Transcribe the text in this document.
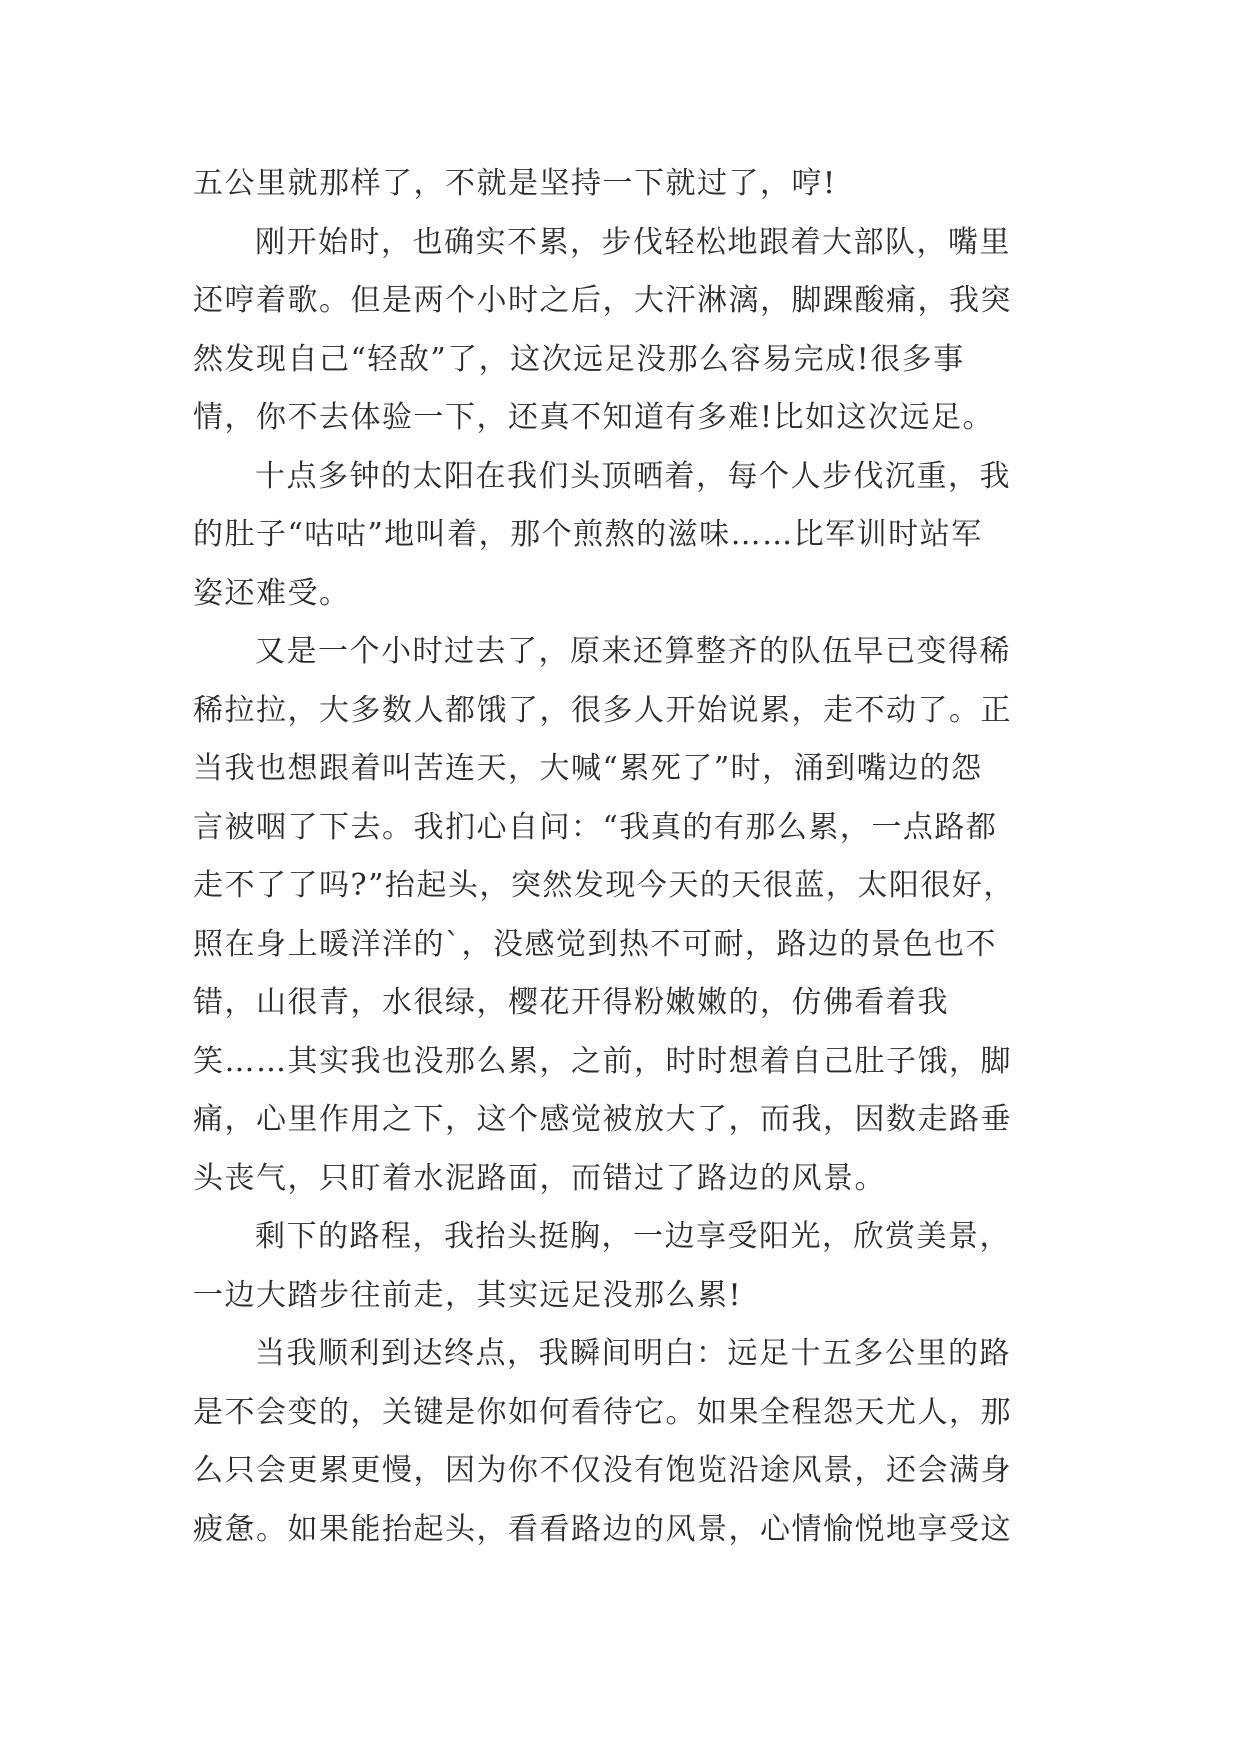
五公里就那样了，不就是坚持一下就过了，哼!
刚开始时，也确实不累，步伐轻松地跟着大部队，嘴里
还哼着歌。但是两个小时之后，大汗淋漓，脚踝酸痛，我突
然发现自己“轻敌”了，这次远足没那么容易完成!很多事
情，你不去体验一下，还真不知道有多难!比如这次远足。
十点多钟的太阳在我们头顶晒着，每个人步伐沉重，我
的肚子“咕咕”地叫着，那个煎熬的滋味……比军训时站军
姿还难受。
又是一个小时过去了，原来还算整齐的队伍早已变得稀
稀拉拉，大多数人都饿了，很多人开始说累，走不动了。正
当我也想跟着叫苦连天，大喊“累死了”时，涌到嘴边的怨
言被咽了下去。我扪心自问：“我真的有那么累，一点路都
走不了了吗?”抬起头，突然发现今天的天很蓝，太阳很好，
照在身上暖洋洋的`，没感觉到热不可耐，路边的景色也不
错，山很青，水很绿，樱花开得粉嫩嫩的，仿佛看着我
笑……其实我也没那么累，之前，时时想着自己肚子饿，脚
痛，心里作用之下，这个感觉被放大了，而我，因数走路垂
头丧气，只盯着水泥路面，而错过了路边的风景。
剩下的路程，我抬头挺胸，一边享受阳光，欣赏美景，
一边大踏步往前走，其实远足没那么累!
当我顺利到达终点，我瞬间明白：远足十五多公里的路
是不会变的，关键是你如何看待它。如果全程怨天尤人，那
么只会更累更慢，因为你不仅没有饱览沿途风景，还会满身
疲惫。如果能抬起头，看看路边的风景，心情愉悦地享受这
